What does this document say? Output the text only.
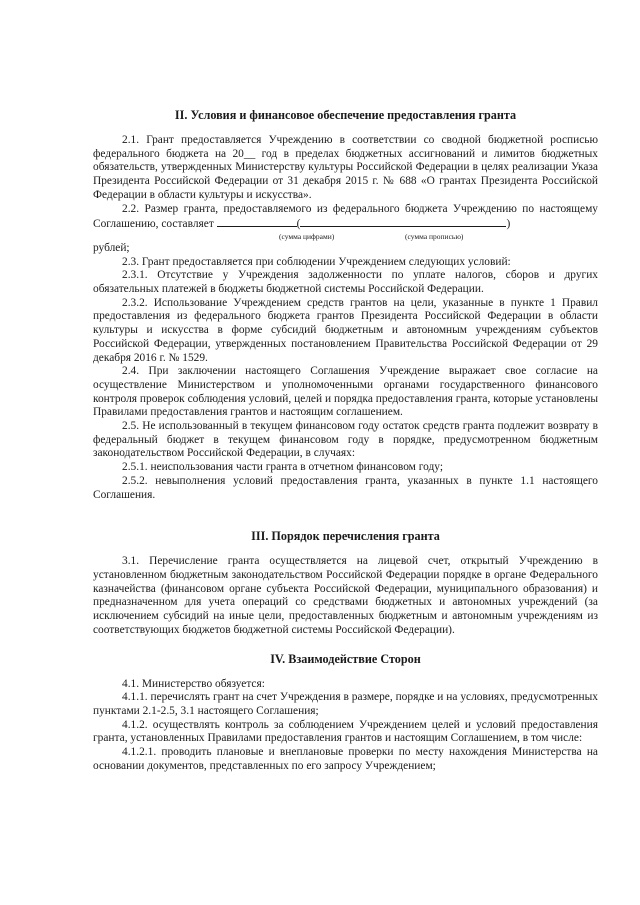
II. Условия и финансовое обеспечение предоставления гранта

2.1. Грант предоставляется Учреждению в соответствии со сводной бюджетной росписью федерального бюджета на 20__ год в пределах бюджетных ассигнований и лимитов бюджетных обязательств, утвержденных Министерству культуры Российской Федерации в целях реализации Указа Президента Российской Федерации от 31 декабря 2015 г. № 688 «О грантах Президента Российской Федерации в области культуры и искусства».

2.2. Размер гранта, предоставляемого из федерального бюджета Учреждению по настоящему Соглашению, составляет	(	)

(сумма цифрами)	(сумма прописью)

рублей;

2.3. Грант предоставляется при соблюдении Учреждением следующих условий:

2.3.1. Отсутствие у Учреждения задолженности по уплате налогов, сборов и других обязательных платежей в бюджеты бюджетной системы Российской Федерации.

2.3.2. Использование Учреждением средств грантов на цели, указанные в пункте 1 Правил предоставления из федерального бюджета грантов Президента Российской Федерации в области культуры и искусства в форме субсидий бюджетным и автономным учреждениям субъектов Российской Федерации, утвержденных постановлением Правительства Российской Федерации от 29 декабря 2016 г. № 1529.

2.4. При заключении настоящего Соглашения Учреждение выражает свое согласие на осуществление Министерством и уполномоченными органами государственного финансового контроля проверок соблюдения условий, целей и порядка предоставления гранта, которые установлены Правилами предоставления грантов и настоящим соглашением.

2.5. Не использованный в текущем финансовом году остаток средств гранта подлежит возврату в федеральный бюджет в текущем финансовом году в порядке, предусмотренном бюджетным законодательством Российской Федерации, в случаях:

2.5.1. неиспользования части гранта в отчетном финансовом году;

2.5.2. невыполнения условий предоставления гранта, указанных в пункте 1.1 настоящего Соглашения.

III. Порядок перечисления гранта

3.1. Перечисление гранта осуществляется на лицевой счет, открытый Учреждению в установленном бюджетным законодательством Российской Федерации порядке в органе Федерального казначейства (финансовом органе субъекта Российской Федерации, муниципального образования) и предназначенном для учета операций со средствами бюджетных и автономных учреждений (за исключением субсидий на иные цели, предоставленных бюджетным и автономным учреждениям из соответствующих бюджетов бюджетной системы Российской Федерации).

IV. Взаимодействие Сторон

4.1. Министерство обязуется:

4.1.1. перечислять грант на счет Учреждения в размере, порядке и на условиях, предусмотренных пунктами 2.1-2.5, 3.1 настоящего Соглашения;

4.1.2. осуществлять контроль за соблюдением Учреждением целей и условий предоставления гранта, установленных Правилами предоставления грантов и настоящим Соглашением, в том числе:

4.1.2.1. проводить плановые и внеплановые проверки по месту нахождения Министерства на основании документов, представленных по его запросу Учреждением;
